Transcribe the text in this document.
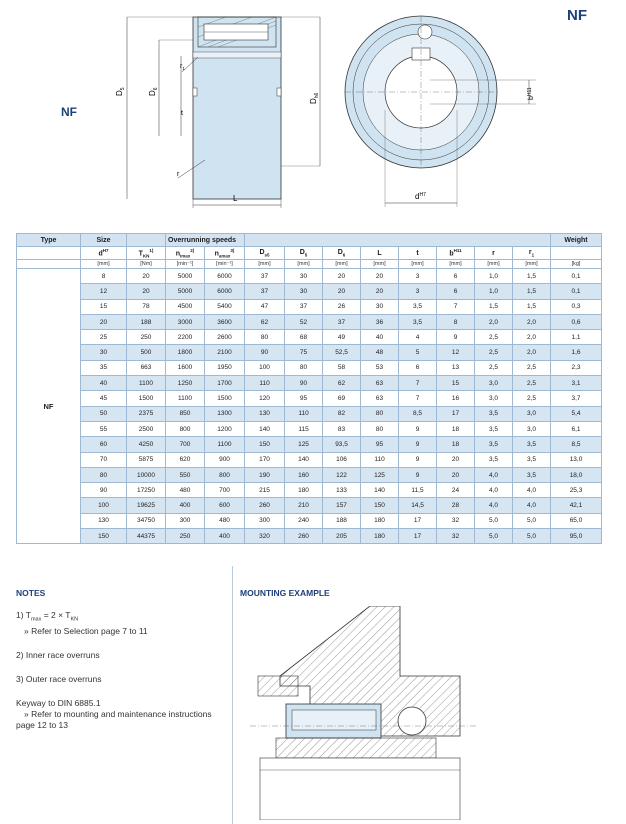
NF
NF
$D_5$
$D_6$
$D_{h6}$
$r_1$
t
r
L
$b^{H11}$
$d^{H7}$
Type	Size		Overrunning speeds										Weight
	$d^{H7}$	$T_{KN}^{1)}$	$n_{imax}^{2)}$	$n_{amax}^{3)}$	$D_{s5}$	$D_5$	$D_6$	L	t	$b^{H11}$	r	$r_1$	
	[mm]	[Nm]	[min⁻¹]	[min⁻¹]	[mm]	[mm]	[mm]	[mm]	[mm]	[mm]	[mm]	[mm]	[kg]
NF	8	20	5000	6000	37	30	20	20	3	6	1,0	1,5	0,1
	12	20	5000	6000	37	30	20	20	3	6	1,0	1,5	0,1
	15	78	4500	5400	47	37	26	30	3,5	7	1,5	1,5	0,3
	20	188	3000	3600	62	52	37	36	3,5	8	2,0	2,0	0,6
	25	250	2200	2600	80	68	49	40	4	9	2,5	2,0	1,1
	30	500	1800	2100	90	75	52,5	48	5	12	2,5	2,0	1,6
	35	663	1600	1950	100	80	58	53	6	13	2,5	2,5	2,3
	40	1100	1250	1700	110	90	62	63	7	15	3,0	2,5	3,1
	45	1500	1100	1500	120	95	69	63	7	16	3,0	2,5	3,7
	50	2375	850	1300	130	110	82	80	8,5	17	3,5	3,0	5,4
	55	2500	800	1200	140	115	83	80	9	18	3,5	3,0	6,1
	60	4250	700	1100	150	125	93,5	95	9	18	3,5	3,5	8,5
	70	5875	620	900	170	140	106	110	9	20	3,5	3,5	13,0
	80	10000	550	800	190	160	122	125	9	20	4,0	3,5	18,0
	90	17250	480	700	215	180	133	140	11,5	24	4,0	4,0	25,3
	100	19625	400	600	260	210	157	150	14,5	28	4,0	4,0	42,1
	130	34750	300	480	300	240	188	180	17	32	5,0	5,0	65,0
	150	44375	250	400	320	260	205	180	17	32	5,0	5,0	95,0
NOTES

1) $T_{max} = 2 \times T_{KN}$

» Refer to Selection page 7 to 11

2) Inner race overruns

3) Outer race overruns

Keyway to DIN 6885.1

» Refer to mounting and maintenance instructions

page 12 to 13

MOUNTING EXAMPLE
